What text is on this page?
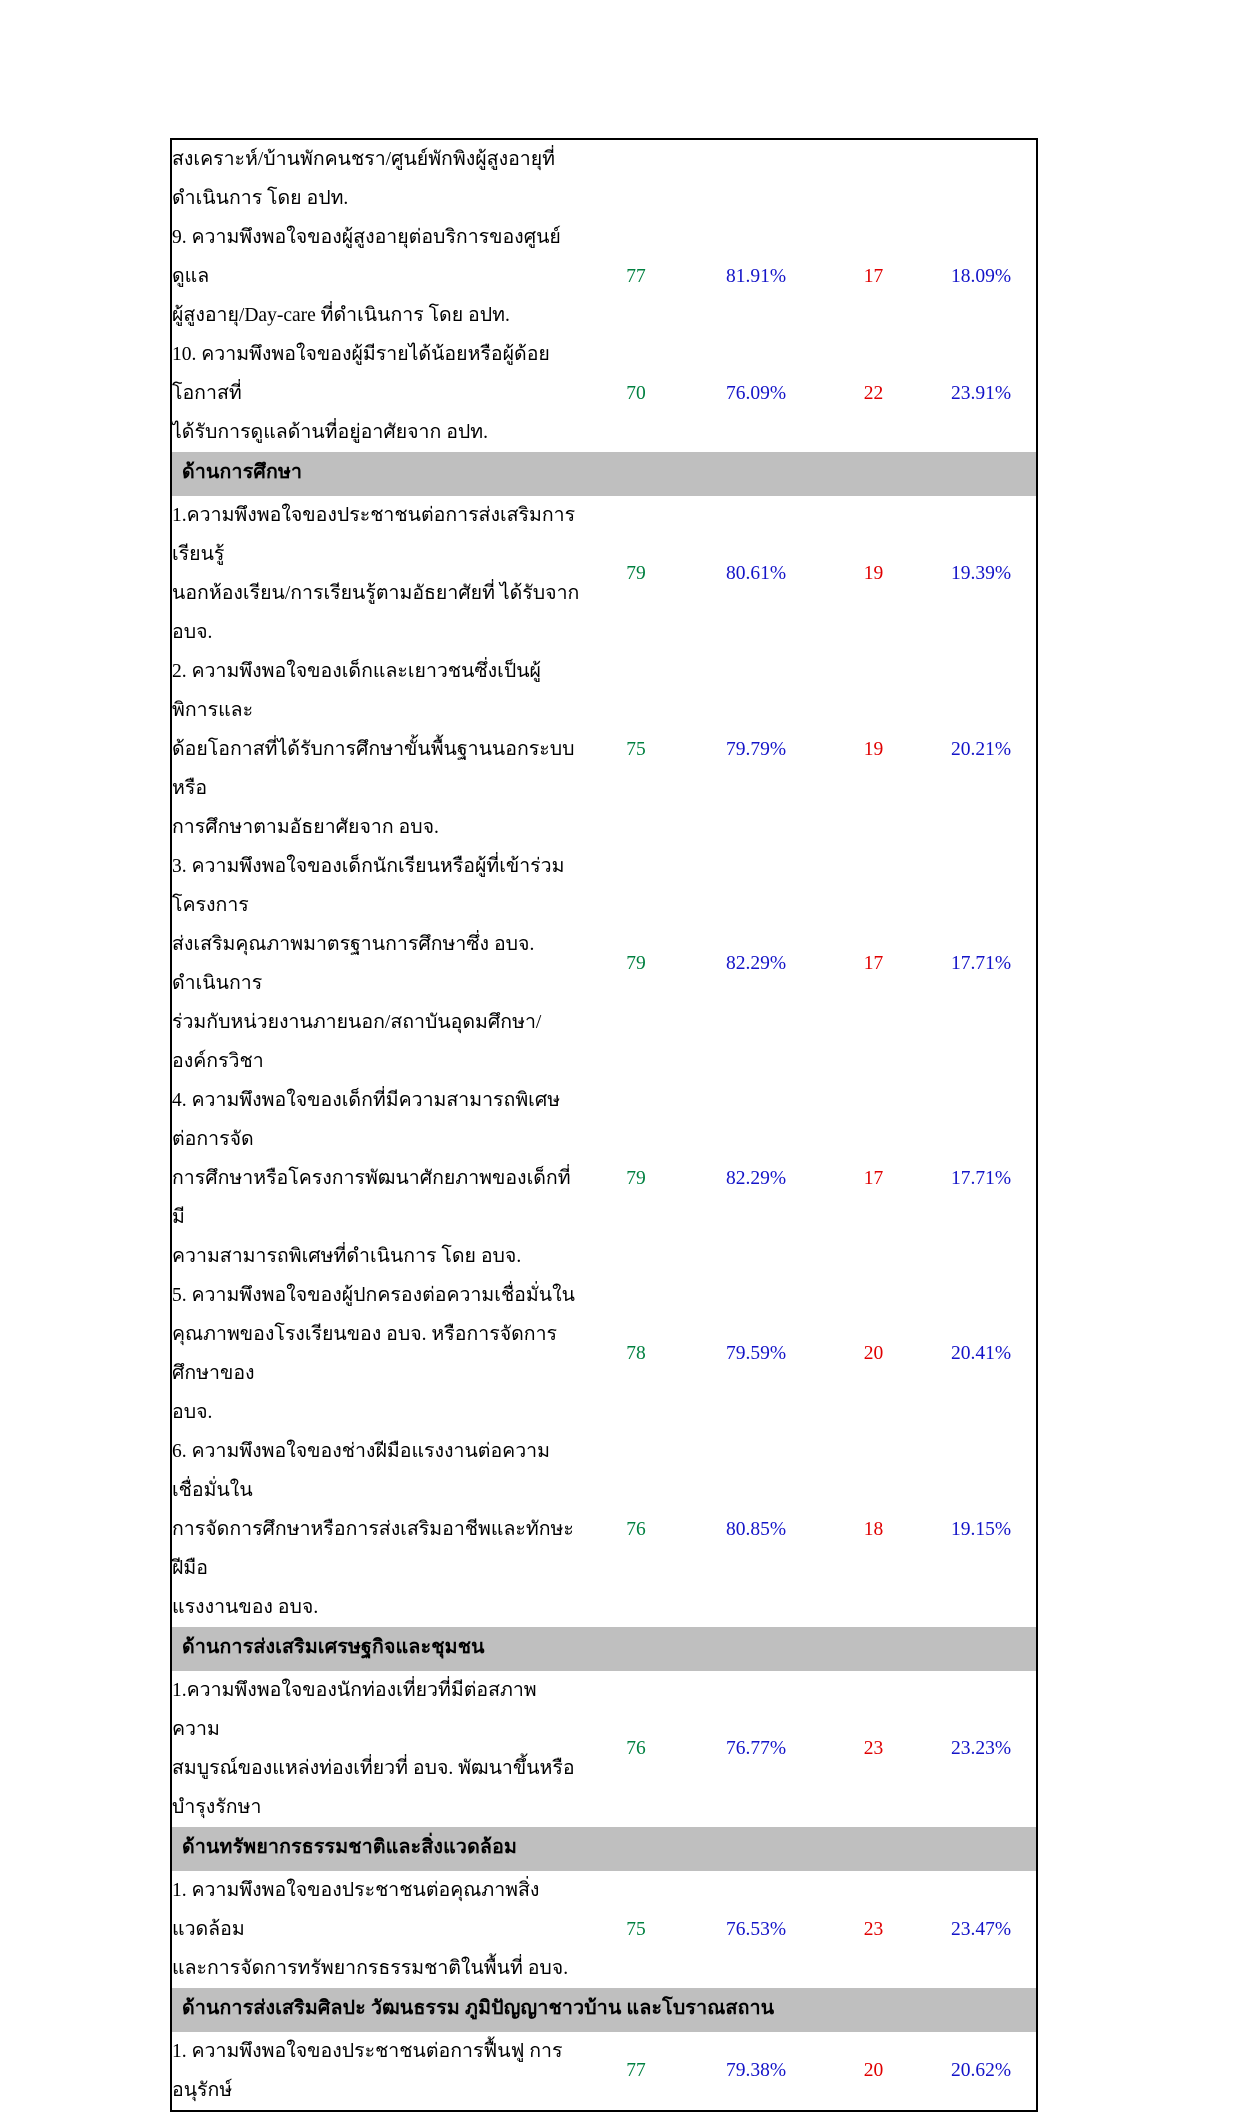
สงเคราะห์/บ้านพักคนชรา/ศูนย์พักพิงผู้สูงอายุที่
ดำเนินการ โดย อปท.				

9. ความพึงพอใจของผู้สูงอายุต่อบริการของศูนย์ดูแล
ผู้สูงอายุ/Day-care ที่ดำเนินการ โดย อปท.	77	81.91%	17	18.09%

10. ความพึงพอใจของผู้มีรายได้น้อยหรือผู้ด้อยโอกาสที่
ได้รับการดูแลด้านที่อยู่อาศัยจาก อปท.	70	76.09%	22	23.91%
ด้านการศึกษา				

1.ความพึงพอใจของประชาชนต่อการส่งเสริมการเรียนรู้
นอกห้องเรียน/การเรียนรู้ตามอัธยาศัยที่ ได้รับจาก อบจ.	79	80.61%	19	19.39%

2. ความพึงพอใจของเด็กและเยาวชนซึ่งเป็นผู้พิการและ
ด้อยโอกาสที่ได้รับการศึกษาขั้นพื้นฐานนอกระบบหรือ
การศึกษาตามอัธยาศัยจาก อบจ.	75	79.79%	19	20.21%

3. ความพึงพอใจของเด็กนักเรียนหรือผู้ที่เข้าร่วมโครงการ
ส่งเสริมคุณภาพมาตรฐานการศึกษาซึ่ง อบจ. ดำเนินการ
ร่วมกับหน่วยงานภายนอก/สถาบันอุดมศึกษา/องค์กรวิชา	79	82.29%	17	17.71%

4. ความพึงพอใจของเด็กที่มีความสามารถพิเศษต่อการจัด
การศึกษาหรือโครงการพัฒนาศักยภาพของเด็กที่มี
ความสามารถพิเศษที่ดำเนินการ โดย อบจ.	79	82.29%	17	17.71%

5. ความพึงพอใจของผู้ปกครองต่อความเชื่อมั่นใน
คุณภาพของโรงเรียนของ อบจ. หรือการจัดการศึกษาของ
อบจ.	78	79.59%	20	20.41%

6. ความพึงพอใจของช่างฝีมือแรงงานต่อความเชื่อมั่นใน
การจัดการศึกษาหรือการส่งเสริมอาชีพและทักษะฝีมือ
แรงงานของ อบจ.	76	80.85%	18	19.15%
ด้านการส่งเสริมเศรษฐกิจและชุมชน				

1.ความพึงพอใจของนักท่องเที่ยวที่มีต่อสภาพความ
สมบูรณ์ของแหล่งท่องเที่ยวที่ อบจ. พัฒนาขึ้นหรือ
บำรุงรักษา	76	76.77%	23	23.23%
ด้านทรัพยากรธรรมชาติและสิ่งแวดล้อม				

1. ความพึงพอใจของประชาชนต่อคุณภาพสิ่งแวดล้อม
และการจัดการทรัพยากรธรรมชาติในพื้นที่ อบจ.	75	76.53%	23	23.47%
ด้านการส่งเสริมศิลปะ วัฒนธรรม ภูมิปัญญาชาวบ้าน และโบราณสถาน				

1. ความพึงพอใจของประชาชนต่อการฟื้นฟู การอนุรักษ์	77	79.38%	20	20.62%
